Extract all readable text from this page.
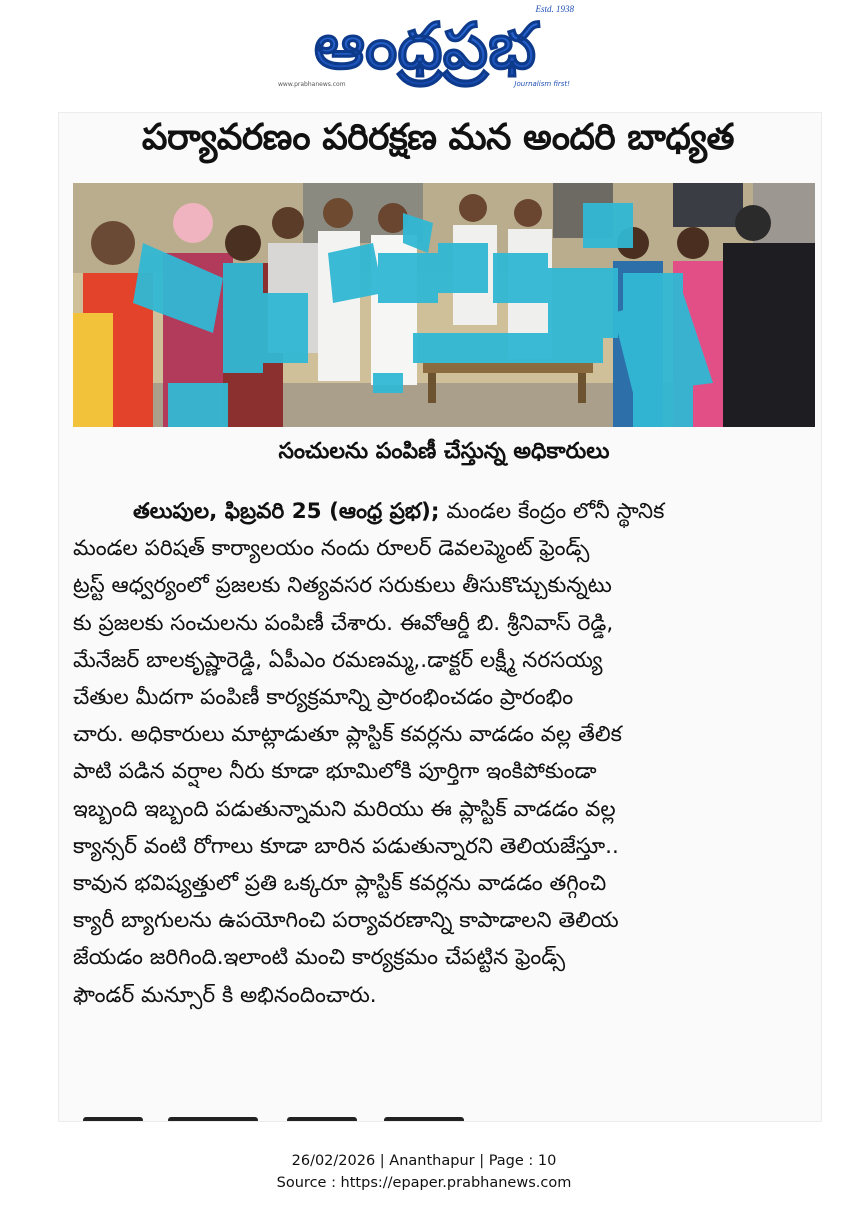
ఆంధ్రప్రభ
Estd. 1938
www.prabhanews.com	Journalism first!
పర్యావరణం పరిరక్షణ మన అందరి బాధ్యత
సంచులను పంపిణీ చేస్తున్న అధికారులు
తలుపుల, ఫిబ్రవరి 25 (ఆంధ్ర ప్రభ); మండల కేంద్రం లోనీ స్థానిక
మండల పరిషత్ కార్యాలయం నందు రూలర్ డెవలప్మెంట్ ఫ్రెండ్స్
ట్రస్ట్ ఆధ్వర్యంలో ప్రజలకు నిత్యవసర సరుకులు తీసుకొచ్చుకున్నటు
కు ప్రజలకు సంచులను పంపిణీ చేశారు. ఈవోఆర్డీ బి. శ్రీనివాస్ రెడ్డి,
మేనేజర్ బాలకృష్ణారెడ్డి, ఏపీఎం రమణమ్మ,.డాక్టర్ లక్ష్మీ నరసయ్య
చేతుల మీదగా పంపిణీ కార్యక్రమాన్ని ప్రారంభించడం ప్రారంభిం
చారు. అధికారులు మాట్లాడుతూ ప్లాస్టిక్ కవర్లను వాడడం వల్ల తేలిక
పాటి పడిన వర్షాల నీరు కూడా భూమిలోకి పూర్తిగా ఇంకిపోకుండా
ఇబ్బంది ఇబ్బంది పడుతున్నామని మరియు ఈ ప్లాస్టిక్ వాడడం వల్ల
క్యాన్సర్ వంటి రోగాలు కూడా బారిన పడుతున్నారని తెలియజేస్తూ..
కావున భవిష్యత్తులో ప్రతి ఒక్కరూ ప్లాస్టిక్ కవర్లను వాడడం తగ్గించి
క్యారీ బ్యాగులను ఉపయోగించి పర్యావరణాన్ని కాపాడాలని తెలియ
జేయడం జరిగింది.ఇలాంటి మంచి కార్యక్రమం చేపట్టిన ఫ్రెండ్స్
ఫౌండర్ మన్సూర్ కి అభినందించారు.

26/02/2026 | Ananthapur | Page : 10
Source : https://epaper.prabhanews.com
